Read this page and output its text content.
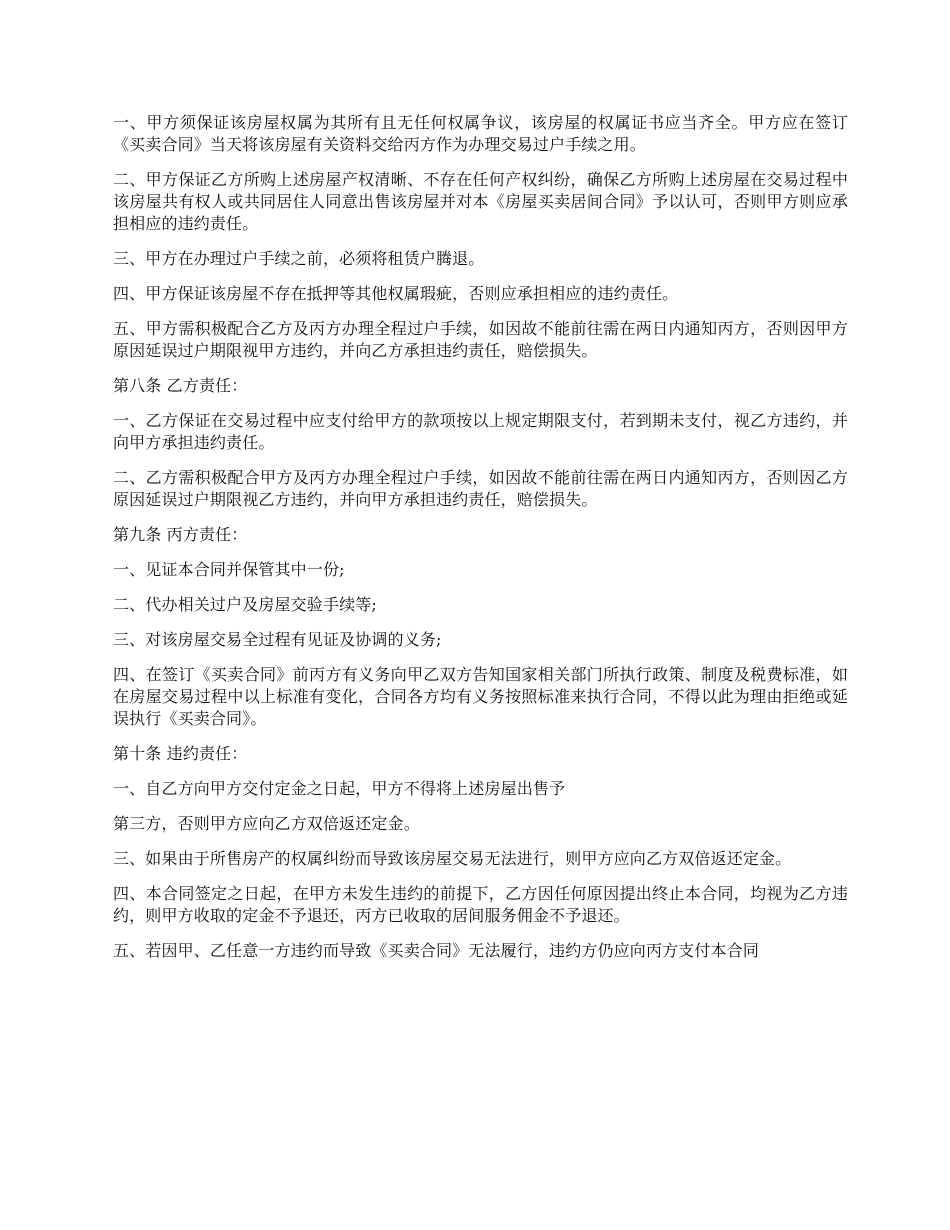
一、甲方须保证该房屋权属为其所有且无任何权属争议，该房屋的权属证书应当齐全。甲方应在签订《买卖合同》当天将该房屋有关资料交给丙方作为办理交易过户手续之用。

二、甲方保证乙方所购上述房屋产权清晰、不存在任何产权纠纷，确保乙方所购上述房屋在交易过程中该房屋共有权人或共同居住人同意出售该房屋并对本《房屋买卖居间合同》予以认可，否则甲方则应承担相应的违约责任。

三、甲方在办理过户手续之前，必须将租赁户腾退。

四、甲方保证该房屋不存在抵押等其他权属瑕疵，否则应承担相应的违约责任。

五、甲方需积极配合乙方及丙方办理全程过户手续，如因故不能前往需在两日内通知丙方，否则因甲方原因延误过户期限视甲方违约，并向乙方承担违约责任，赔偿损失。

第八条 乙方责任：

一、乙方保证在交易过程中应支付给甲方的款项按以上规定期限支付，若到期未支付，视乙方违约，并向甲方承担违约责任。

二、乙方需积极配合甲方及丙方办理全程过户手续，如因故不能前往需在两日内通知丙方，否则因乙方原因延误过户期限视乙方违约，并向甲方承担违约责任，赔偿损失。

第九条 丙方责任：

一、见证本合同并保管其中一份;

二、代办相关过户及房屋交验手续等;

三、对该房屋交易全过程有见证及协调的义务;

四、在签订《买卖合同》前丙方有义务向甲乙双方告知国家相关部门所执行政策、制度及税费标准，如在房屋交易过程中以上标准有变化，合同各方均有义务按照标准来执行合同，不得以此为理由拒绝或延误执行《买卖合同》。

第十条 违约责任：

一、自乙方向甲方交付定金之日起，甲方不得将上述房屋出售予

第三方，否则甲方应向乙方双倍返还定金。

三、如果由于所售房产的权属纠纷而导致该房屋交易无法进行，则甲方应向乙方双倍返还定金。

四、本合同签定之日起，在甲方未发生违约的前提下，乙方因任何原因提出终止本合同，均视为乙方违约，则甲方收取的定金不予退还，丙方已收取的居间服务佣金不予退还。

五、若因甲、乙任意一方违约而导致《买卖合同》无法履行，违约方仍应向丙方支付本合同
